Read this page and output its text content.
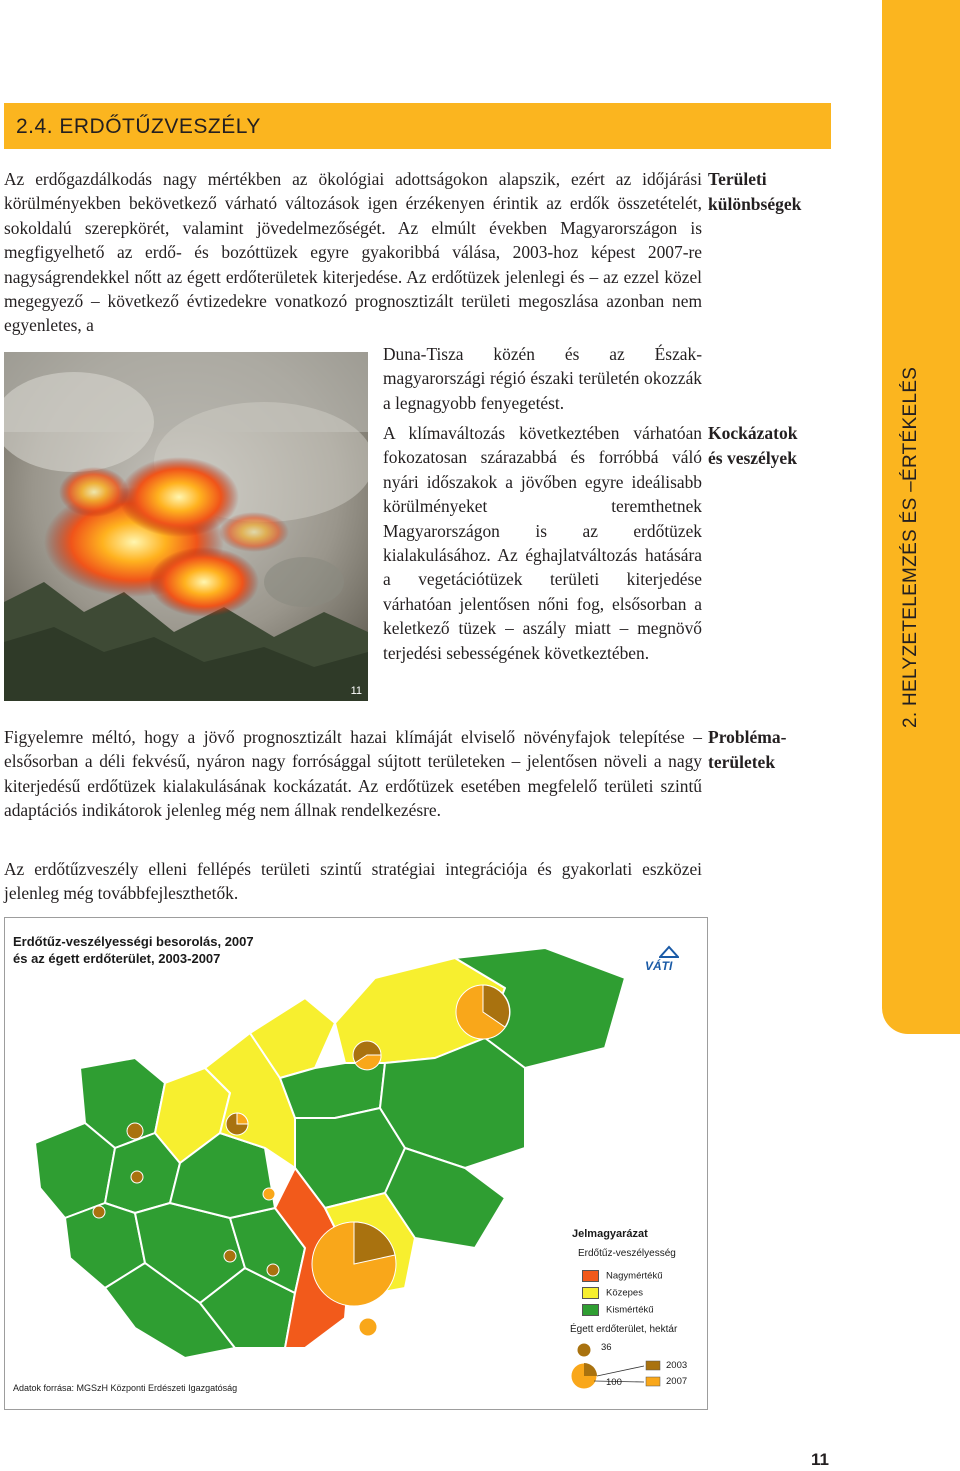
2. HELYZETELEMZÉS ÉS –ÉRTÉKELÉS
2.4. ERDŐTŰZVESZÉLY

Az erdőgazdálkodás nagy mértékben az ökológiai adottságokon alapszik, ezért az időjárási körülményekben bekövetkező várható változások igen érzékenyen érintik az erdők összetételét, sokoldalú szerepkörét, valamint jövedelmezőségét. Az elmúlt években Magyarországon is megfigyelhető az erdő- és bozóttüzek egyre gyakoribbá válása, 2003-hoz képest 2007-re nagyságrendekkel nőtt az égett erdőterületek kiterjedése. Az erdőtüzek jelenlegi és – az ezzel közel megegyező – következő évtizedekre vonatkozó prognosztizált területi megoszlása azonban nem egyenletes, a

11

Duna-Tisza közén és az Észak-magyarországi régió északi területén okozzák a legnagyobb fenyegetést.

A klímaváltozás következtében várhatóan fokozatosan szárazabbá és forróbbá váló nyári időszakok a jövőben egyre ideálisabb körülményeket teremthetnek Magyarországon is az erdőtüzek kialakulásához. Az éghajlatváltozás hatására a vegetációtüzek területi kiterjedése várhatóan jelentősen nőni fog, elsősorban a keletkező tüzek – aszály miatt – megnövő terjedési sebességének következtében.

Figyelemre méltó, hogy a jövő prognosztizált hazai klímáját elviselő növényfajok telepítése – elsősorban a déli fekvésű, nyáron nagy forrósággal sújtott területeken – jelentősen növeli a nagy kiterjedésű erdőtüzek kialakulásának kockázatát. Az erdőtüzek esetében megfelelő területi szintű adaptációs indikátorok jelenleg még nem állnak rendelkezésre.

Az erdőtűzveszély elleni fellépés területi szintű stratégiai integrációja és gyakorlati eszközei jelenleg még továbbfejleszthetők.

Területi
különbségek
Kockázatok
és veszélyek
Probléma-
területek
Erdőtűz-veszélyességi besorolás, 2007
és az égett erdőterület, 2003-2007	VÁTI
Jelmagyarázat
Erdőtűz-veszélyesség
Nagymértékű
Közepes
Kismértékű
Égett erdőterület, hektár
36
100
2003
2007
Adatok forrása: MGSzH Központi Erdészeti Igazgatóság
11
